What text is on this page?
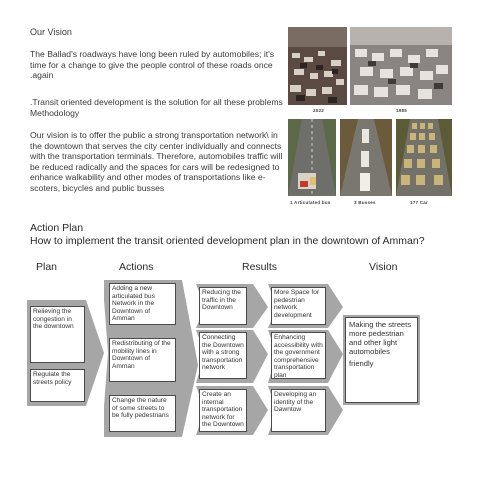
Our Vision
The Ballad's roadways have long been ruled by automobiles; it's time for a change to give the people control of these roads once .again
.Transit oriented development is the solution for all these problems
Methodology
Our vision is to offer the public a strong transportation network\ in the downtown that serves the city center individually and connects with the transportation terminals. Therefore, automobiles traffic will be reduced radically and the spaces for cars will be redesigned to enhance walkability and other modes of transportations like e-scoters, bicycles and public busses
2022	1985
1 Articulated bus	3 Busses	177 Car
Action Plan
How to implement the transit oriented development plan in the downtown of Amman?
Plan	Actions	Results	Vision
Relieving the congestion in the downtown
Regulate the streets policy
Adding a new articulated bus Network in the Downtown of Amman
Redistributing of the mobility lines in Downtown of Amman
Change the nature of some streets to be fully pedestrians
Reducing the traffic in the Downtown
Connecting the Downtown with a strong transportation network
Create an internal transportation network for the Downtown
More Space for pedestrian network development
Enhancing accessibility with the government comprehensive transportation plan
Developing an identity of the Dawntow
Making the streets more pedestrian and other light automobiles
friendly
